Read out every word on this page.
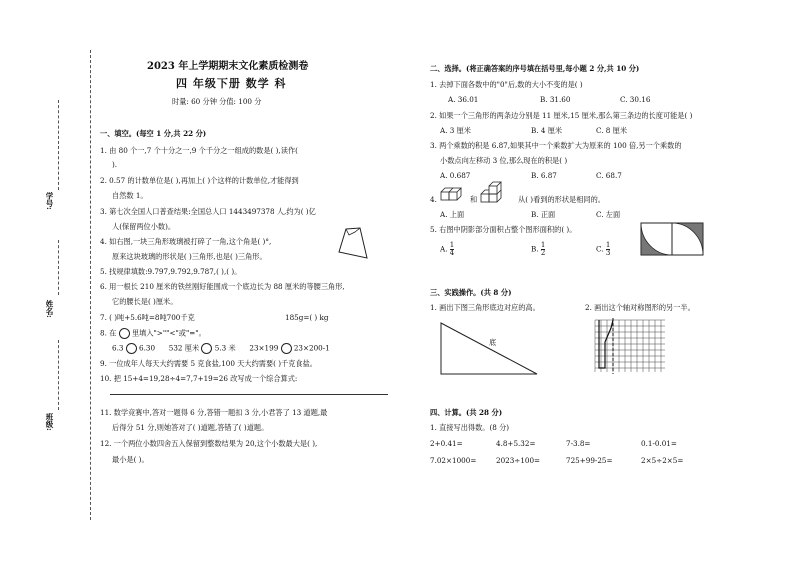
学号:
姓名:
班级:
2023 年上学期期末文化素质检测卷
四 年级下册 数学 科
时量: 60 分钟 分值: 100 分
一、填空。(每空 1 分,共 22 分)
1. 由 80 个一,7 个十分之一,9 个千分之一组成的数是( ),读作(
).
2. 0.57 的计数单位是( ),再加上( )个这样的计数单位,才能得到
自然数 1。
3. 第七次全国人口普查结果:全国总人口 1443497378 人,约为( )亿
人(保留两位小数)。
4. 如右图,一块三角形玻璃被打碎了一角,这个角是( )°,
原来这块玻璃的形状是( )三角形,也是( )三角形。
5. 找规律填数:9.797,9.792,9.787,( ),( )。
6. 用一根长 210 厘米的铁丝刚好能围成一个底边长为 88 厘米的等腰三角形,
它的腰长是( )厘米。
7. ( )吨+5.6吨=8吨700千克	185g=( ) kg
8. 在 里填入">""<"或"="。
6.3 6.30 532 厘米 5.3 米 23×199 23×200-1
9. 一位成年人每天大约需要 5 克食盐,100 天大约需要( )千克食盐。
10. 把 15+4=19,28÷4=7,7+19=26 改写成一个综合算式:
11. 数学竞赛中,答对一题得 6 分,答错一题扣 3 分,小君答了 13 道题,最
后得分 51 分,则她答对了( )道题,答错了( )道题。
12. 一个两位小数四舍五入保留到整数结果为 20,这个小数最大是( ),
最小是( )。
二、选择。(将正确答案的序号填在括号里,每小题 2 分,共 10 分)
1. 去掉下面各数中的"0"后,数的大小不变的是( )
A. 36.01	B. 31.60	C. 30.16
2. 如果一个三角形的两条边分别是 11 厘米,15 厘米,那么第三条边的长度可能是( )
A. 3 厘米	B. 4 厘米	C. 8 厘米
3. 两个乘数的积是 6.87,如果其中一个乘数扩大为原来的 100 倍,另一个乘数的
小数点向左移动 3 位,那么现在的积是( )
A. 0.687	B. 6.87	C. 68.7
4.	和	从( )看到的形状是相同的。
A. 上面	B. 正面	C. 左面
5. 右图中阴影部分面积占整个图形面积的( )。
A. $\frac{1}{4}$	B. $\frac{1}{2}$	C. $\frac{1}{3}$
三、实践操作。(共 8 分)
1. 画出下图三角形底边对应的高。	2. 画出这个轴对称图形的另一半。
底
四、计算。(共 28 分)
1. 直接写出得数。(8 分)
2+0.41=	4.8+5.32=	7-3.8=	0.1-0.01=
7.02×1000=	2023÷100=	725+99-25=	2×5÷2×5=
